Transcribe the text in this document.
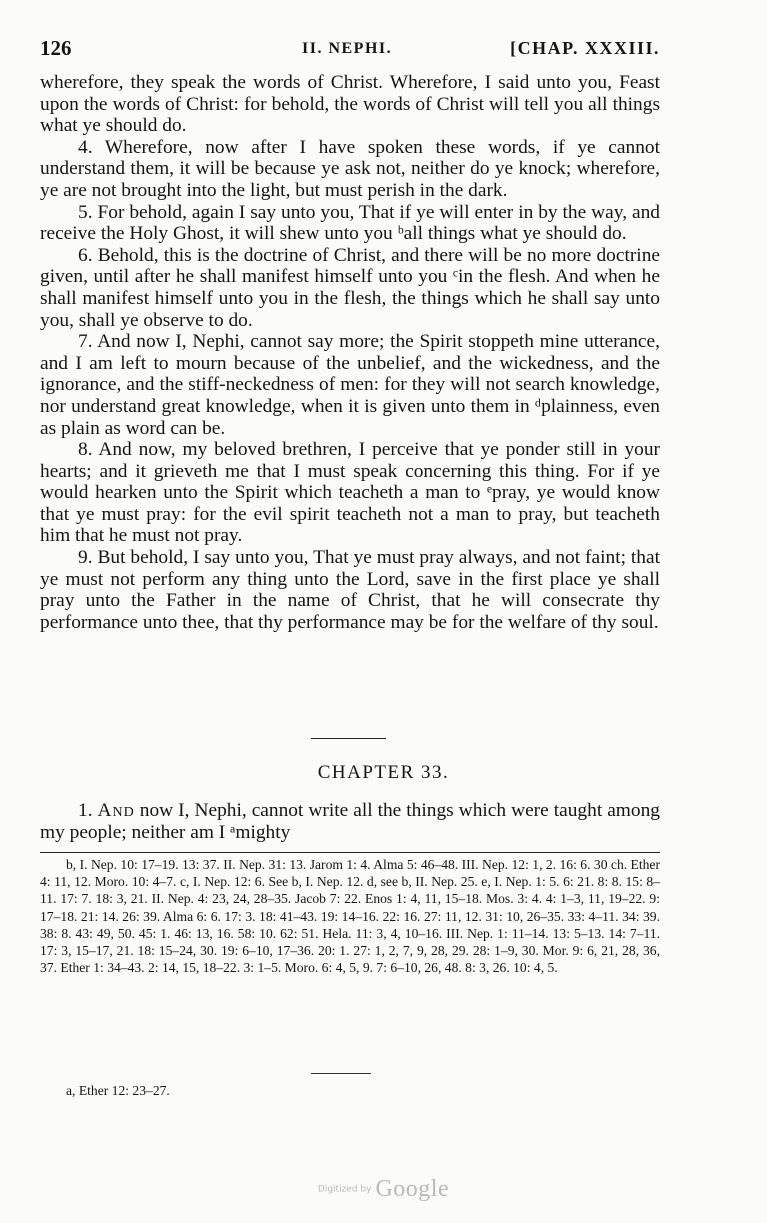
126	II. NEPHI.	[CHAP. XXXIII.

wherefore, they speak the words of Christ. Wherefore, I said unto you, Feast upon the words of Christ: for behold, the words of Christ will tell you all things what ye should do.

4. Wherefore, now after I have spoken these words, if ye cannot understand them, it will be because ye ask not, neither do ye knock; wherefore, ye are not brought into the light, but must perish in the dark.

5. For behold, again I say unto you, That if ye will enter in by the way, and receive the Holy Ghost, it will shew unto you ᵇall things what ye should do.

6. Behold, this is the doctrine of Christ, and there will be no more doctrine given, until after he shall manifest himself unto you ᶜin the flesh. And when he shall manifest himself unto you in the flesh, the things which he shall say unto you, shall ye observe to do.

7. And now I, Nephi, cannot say more; the Spirit stoppeth mine utterance, and I am left to mourn because of the unbelief, and the wickedness, and the ignorance, and the stiff-neckedness of men: for they will not search knowledge, nor understand great knowledge, when it is given unto them in ᵈplainness, even as plain as word can be.

8. And now, my beloved brethren, I perceive that ye ponder still in your hearts; and it grieveth me that I must speak concerning this thing. For if ye would hearken unto the Spirit which teacheth a man to ᵉpray, ye would know that ye must pray: for the evil spirit teacheth not a man to pray, but teacheth him that he must not pray.

9. But behold, I say unto you, That ye must pray always, and not faint; that ye must not perform any thing unto the Lord, save in the first place ye shall pray unto the Father in the name of Christ, that he will consecrate thy performance unto thee, that thy performance may be for the welfare of thy soul.

CHAPTER 33.

1. And now I, Nephi, cannot write all the things which were taught among my people; neither am I ᵃmighty

b, I. Nep. 10: 17–19. 13: 37. II. Nep. 31: 13. Jarom 1: 4. Alma 5: 46–48. III. Nep. 12: 1, 2. 16: 6. 30 ch. Ether 4: 11, 12. Moro. 10: 4–7. c, I. Nep. 12: 6. See b, I. Nep. 12. d, see b, II. Nep. 25. e, I. Nep. 1: 5. 6: 21. 8: 8. 15: 8–11. 17: 7. 18: 3, 21. II. Nep. 4: 23, 24, 28–35. Jacob 7: 22. Enos 1: 4, 11, 15–18. Mos. 3: 4. 4: 1–3, 11, 19–22. 9: 17–18. 21: 14. 26: 39. Alma 6: 6. 17: 3. 18: 41–43. 19: 14–16. 22: 16. 27: 11, 12. 31: 10, 26–35. 33: 4–11. 34: 39. 38: 8. 43: 49, 50. 45: 1. 46: 13, 16. 58: 10. 62: 51. Hela. 11: 3, 4, 10–16. III. Nep. 1: 11–14. 13: 5–13. 14: 7–11. 17: 3, 15–17, 21. 18: 15–24, 30. 19: 6–10, 17–36. 20: 1. 27: 1, 2, 7, 9, 28, 29. 28: 1–9, 30. Mor. 9: 6, 21, 28, 36, 37. Ether 1: 34–43. 2: 14, 15, 18–22. 3: 1–5. Moro. 6: 4, 5, 9. 7: 6–10, 26, 48. 8: 3, 26. 10: 4, 5.

a, Ether 12: 23–27.
Digitized by Google
